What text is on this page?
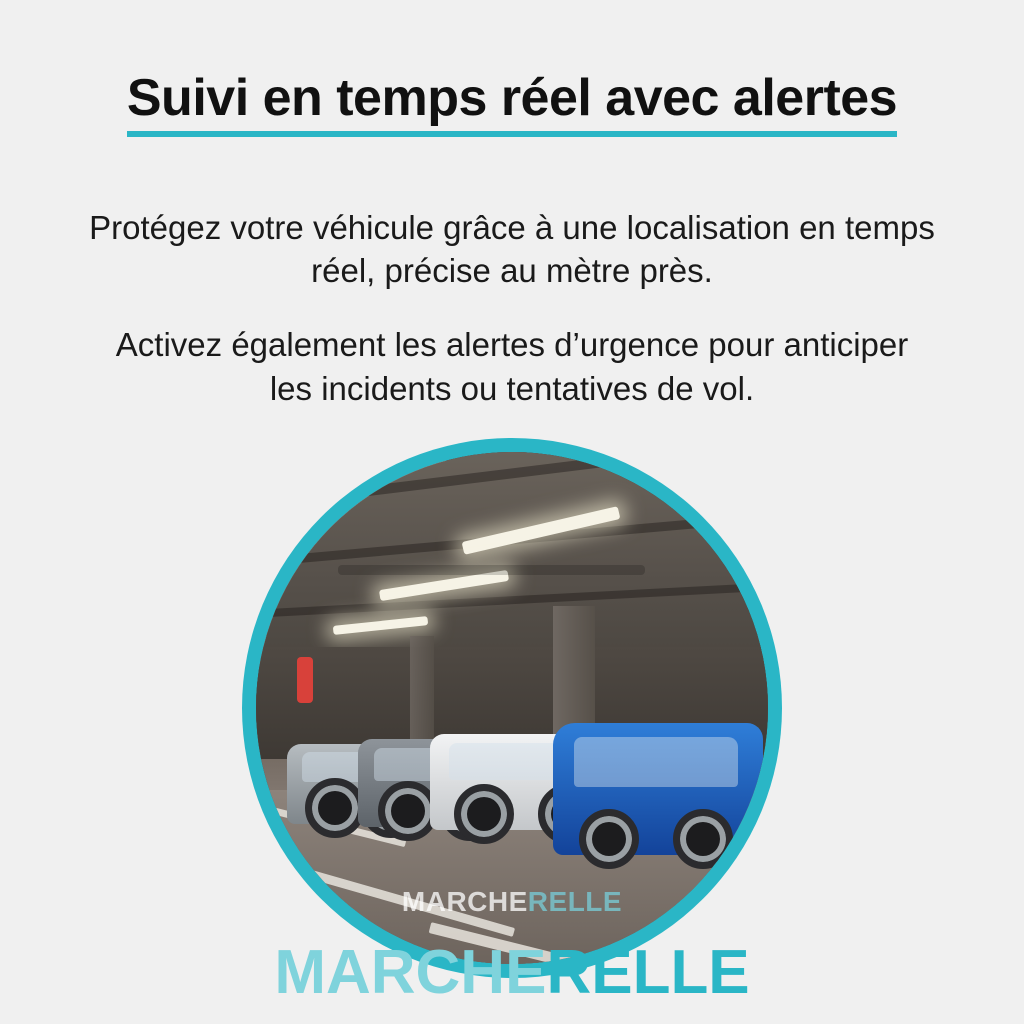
Suivi en temps réel avec alertes

Protégez votre véhicule grâce à une localisation en temps réel, précise au mètre près.

Activez également les alertes d’urgence pour anticiper les incidents ou tentatives de vol.

MARCHERELLE
MARCHERELLE
